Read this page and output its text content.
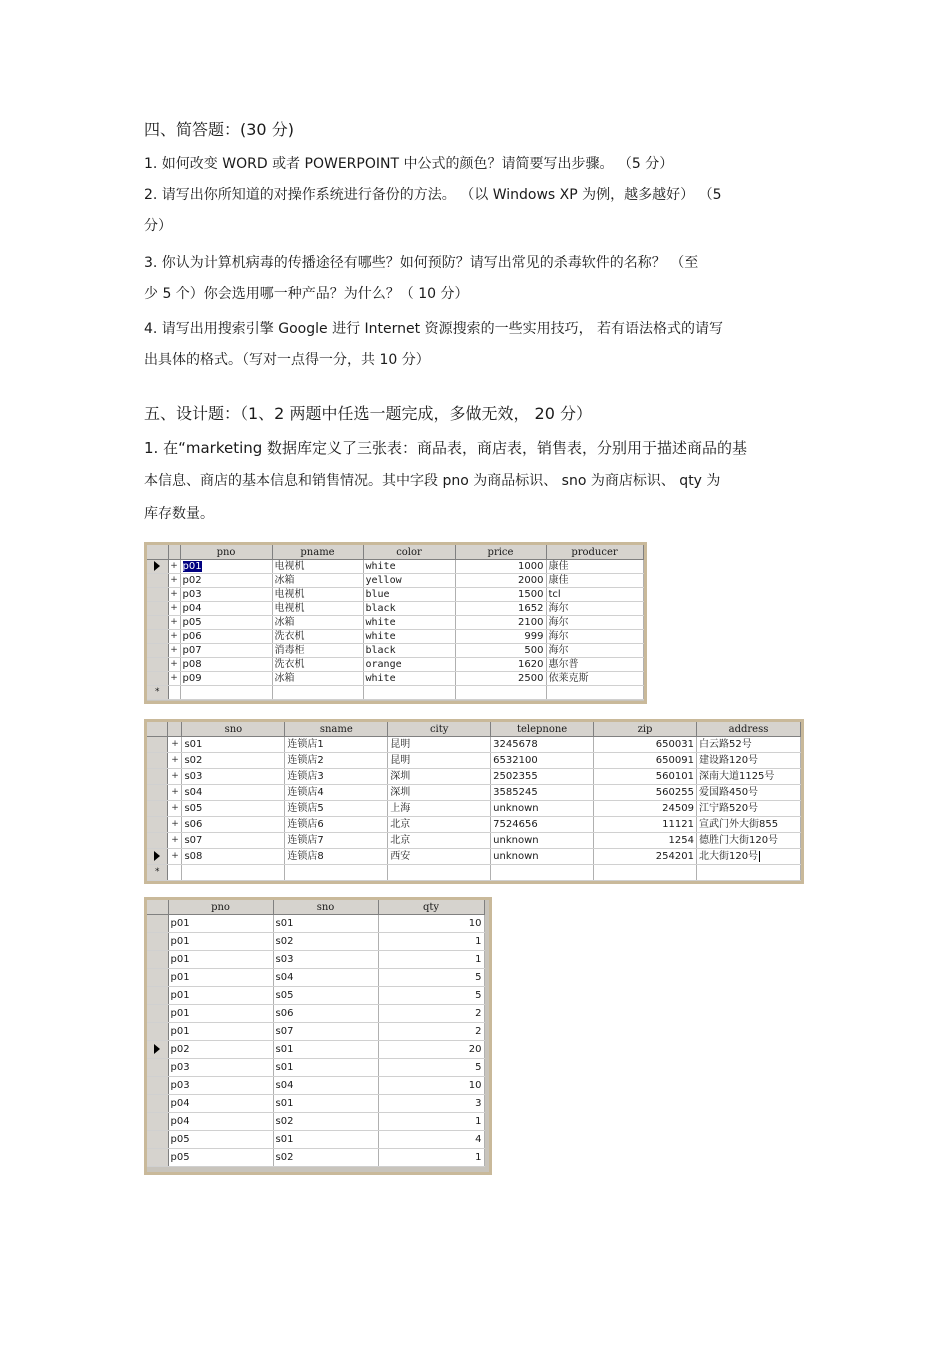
四、简答题：(30 分)
1. 如何改变 WORD 或者 POWERPOINT 中公式的颜色？请简要写出步骤。 （5 分）
2. 请写出你所知道的对操作系统进行备份的方法。 （以 Windows XP 为例，越多越好） （5
分）
3. 你认为计算机病毒的传播途径有哪些？如何预防？请写出常见的杀毒软件的名称？ （至
少 5 个）你会选用哪一种产品？为什么？（ 10 分）
4. 请写出用搜索引擎 Google 进行 Internet 资源搜索的一些实用技巧， 若有语法格式的请写
出具体的格式。（写对一点得一分，共 10 分）
五、设计题：（1、2 两题中任选一题完成，多做无效， 20 分）
1. 在“marketing 数据库定义了三张表：商品表，商店表，销售表，分别用于描述商品的基
本信息、商店的基本信息和销售情况。其中字段 pno 为商品标识、 sno 为商店标识、 qty 为
库存数量。
		pno	pname	color	price	producer
	+	p01	电视机	white	1000	康佳
	+	p02	冰箱	yellow	2000	康佳
	+	p03	电视机	blue	1500	tcl
	+	p04	电视机	black	1652	海尔
	+	p05	冰箱	white	2100	海尔
	+	p06	洗衣机	white	999	海尔
	+	p07	消毒柜	black	500	海尔
	+	p08	洗衣机	orange	1620	惠尔普
	+	p09	冰箱	white	2500	依莱克斯
*						
		sno	sname	city	telepnone	zip	address
	+	s01	连锁店1	昆明	3245678	650031	白云路52号
	+	s02	连锁店2	昆明	6532100	650091	建设路120号
	+	s03	连锁店3	深圳	2502355	560101	深南大道1125号
	+	s04	连锁店4	深圳	3585245	560255	爱国路450号
	+	s05	连锁店5	上海	unknown	24509	江宁路520号
	+	s06	连锁店6	北京	7524656	11121	宣武门外大街855
	+	s07	连锁店7	北京	unknown	1254	德胜门大街120号
	+	s08	连锁店8	西安	unknown	254201	北大街120号
*							
	pno	sno	qty
	p01	s01	10
	p01	s02	1
	p01	s03	1
	p01	s04	5
	p01	s05	5
	p01	s06	2
	p01	s07	2
	p02	s01	20
	p03	s01	5
	p03	s04	10
	p04	s01	3
	p04	s02	1
	p05	s01	4
	p05	s02	1
